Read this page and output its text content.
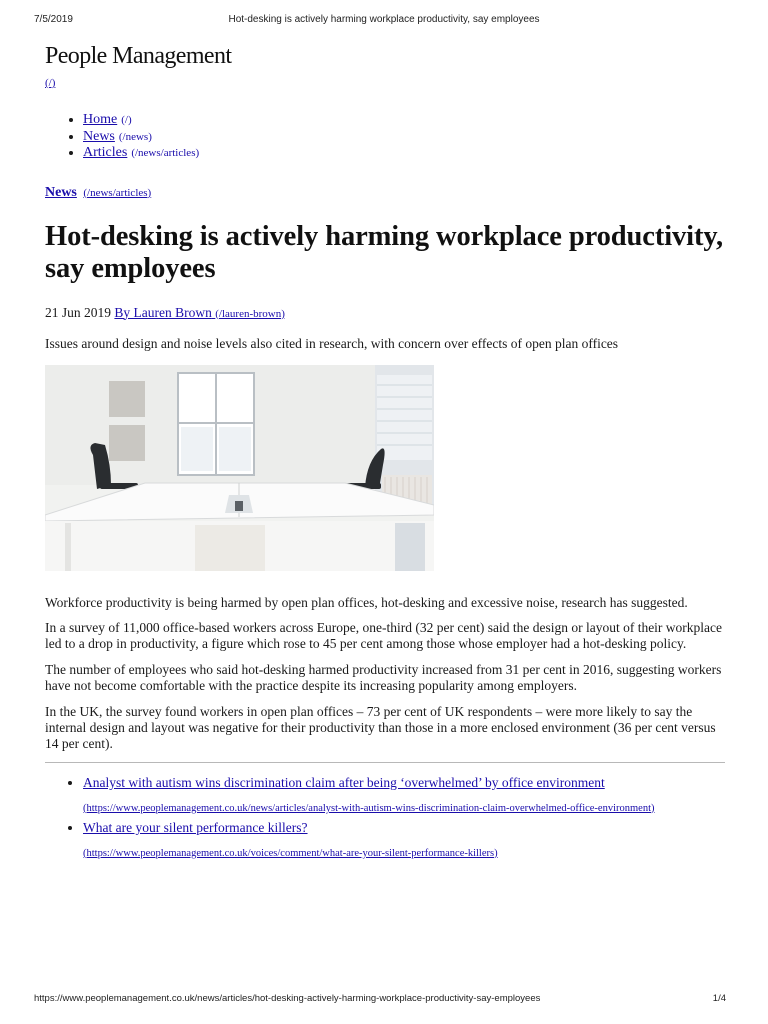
7/5/2019	Hot-desking is actively harming workplace productivity, say employees
People Management
(/)
• Home (/)
• News (/news)
• Articles (/news/articles)
News (/news/articles)
Hot-desking is actively harming workplace productivity, say employees
21 Jun 2019 By Lauren Brown (/lauren-brown)
Issues around design and noise levels also cited in research, with concern over effects of open plan offices

Workforce productivity is being harmed by open plan offices, hot-desking and excessive noise, research has suggested.

In a survey of 11,000 office-based workers across Europe, one-third (32 per cent) said the design or layout of their workplace led to a drop in productivity, a figure which rose to 45 per cent among those whose employer had a hot-desking policy.

The number of employees who said hot-desking harmed productivity increased from 31 per cent in 2016, suggesting workers have not become comfortable with the practice despite its increasing popularity among employers.

In the UK, the survey found workers in open plan offices – 73 per cent of UK respondents – were more likely to say the internal design and layout was negative for their productivity than those in a more enclosed environment (36 per cent versus 14 per cent).

• Analyst with autism wins discrimination claim after being ‘overwhelmed’ by office environment
(https://www.peoplemanagement.co.uk/news/articles/analyst-with-autism-wins-discrimination-claim-overwhelmed-office-environment)
• What are your silent performance killers?
(https://www.peoplemanagement.co.uk/voices/comment/what-are-your-silent-performance-killers)
https://www.peoplemanagement.co.uk/news/articles/hot-desking-actively-harming-workplace-productivity-say-employees	1/4
